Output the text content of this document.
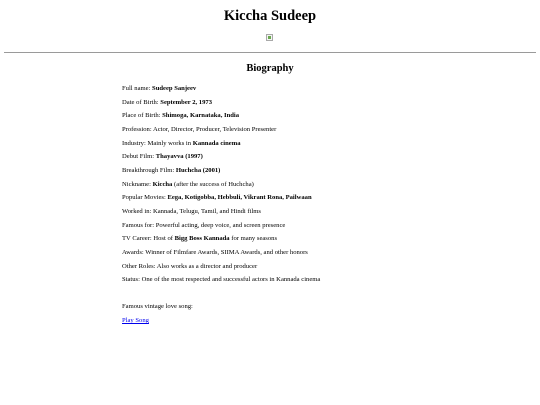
Kiccha Sudeep
Biography
Full name: Sudeep Sanjeev
Date of Birth: September 2, 1973
Place of Birth: Shimoga, Karnataka, India
Profession: Actor, Director, Producer, Television Presenter
Industry: Mainly works in Kannada cinema
Debut Film: Thayavva (1997)
Breakthrough Film: Huchcha (2001)
Nickname: Kiccha (after the success of Huchcha)
Popular Movies: Eega, Kotigobba, Hebbuli, Vikrant Rona, Pailwaan
Worked in: Kannada, Telugu, Tamil, and Hindi films
Famous for: Powerful acting, deep voice, and screen presence
TV Career: Host of Bigg Boss Kannada for many seasons
Awards: Winner of Filmfare Awards, SIIMA Awards, and other honors
Other Roles: Also works as a director and producer
Status: One of the most respected and successful actors in Kannada cinema

Famous vintage love song:

Play Song
